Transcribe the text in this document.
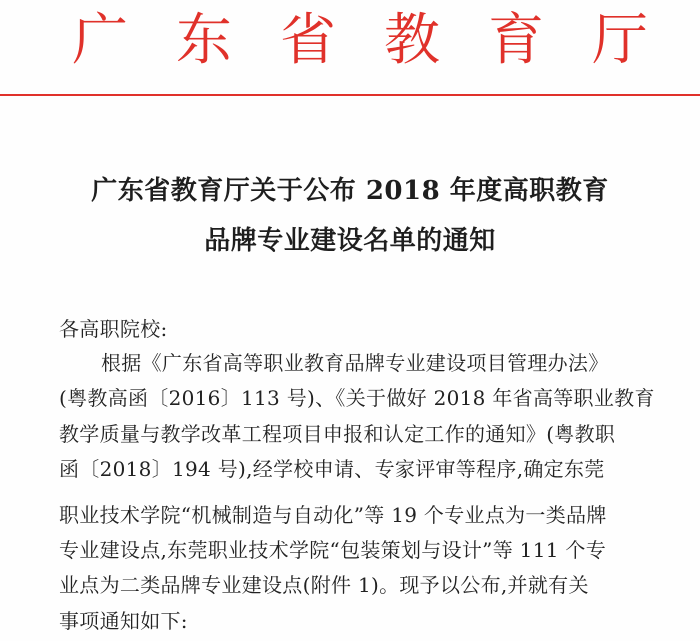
广 东 省 教 育 厅
广东省教育厅关于公布 2018 年度高职教育
品牌专业建设名单的通知
各高职院校:
根据《广东省高等职业教育品牌专业建设项目管理办法》
(粤教高函〔2016〕113 号)、《关于做好 2018 年省高等职业教育
教学质量与教学改革工程项目申报和认定工作的通知》(粤教职
函〔2018〕194 号),经学校申请、专家评审等程序,确定东莞
职业技术学院“机械制造与自动化”等 19 个专业点为一类品牌
专业建设点,东莞职业技术学院“包装策划与设计”等 111 个专
业点为二类品牌专业建设点(附件 1)。现予以公布,并就有关
事项通知如下:
